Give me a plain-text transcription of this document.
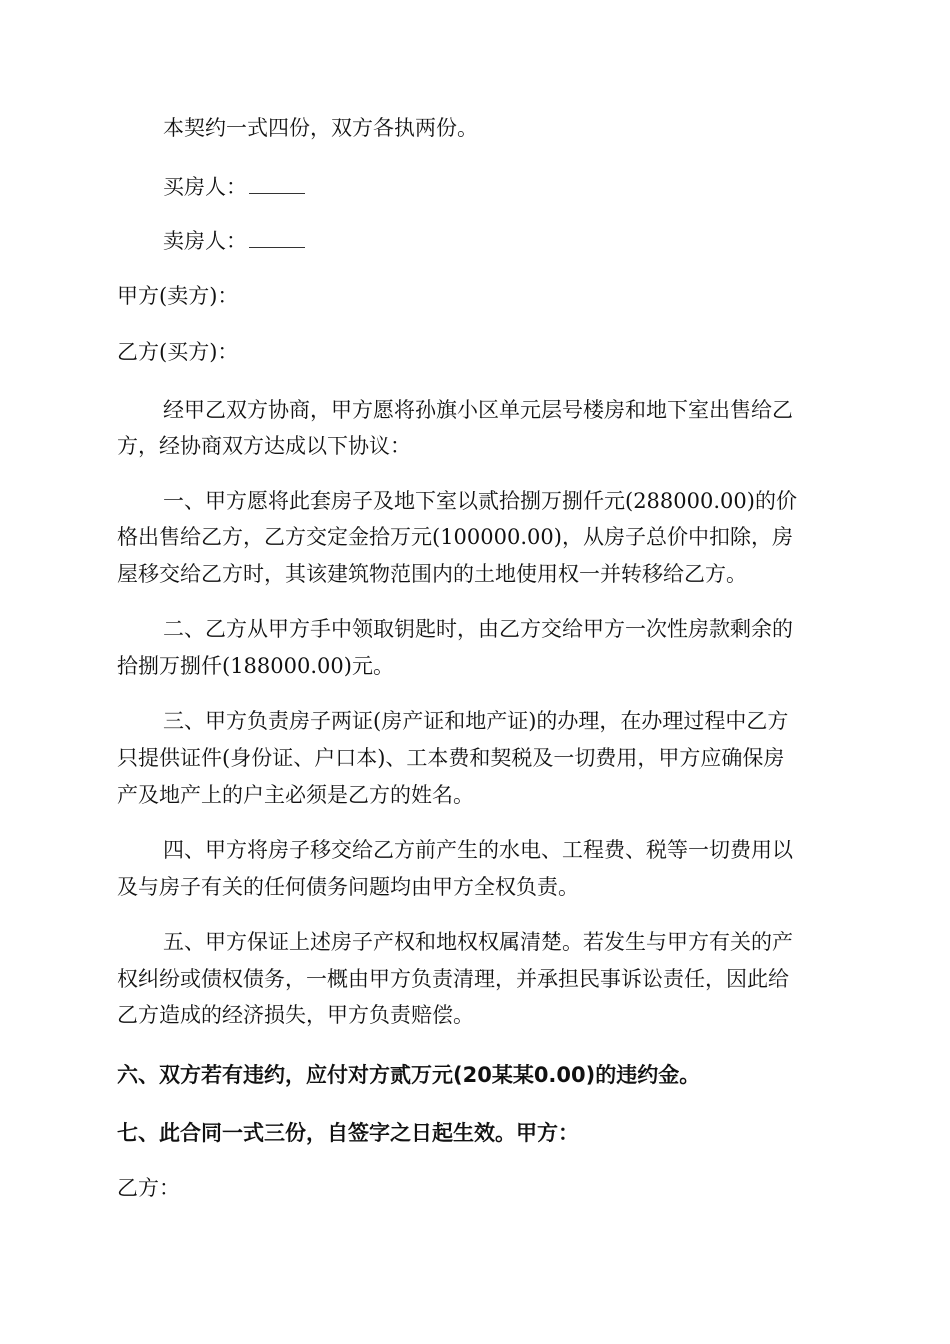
本契约一式四份，双方各执两份。
买房人：
卖房人：
甲方(卖方)：
乙方(买方)：
经甲乙双方协商，甲方愿将孙旗小区单元层号楼房和地下室出售给乙
方，经协商双方达成以下协议：
一、甲方愿将此套房子及地下室以贰拾捌万捌仟元(288000.00)的价
格出售给乙方，乙方交定金拾万元(100000.00)，从房子总价中扣除，房
屋移交给乙方时，其该建筑物范围内的土地使用权一并转移给乙方。
二、乙方从甲方手中领取钥匙时，由乙方交给甲方一次性房款剩余的
拾捌万捌仟(188000.00)元。
三、甲方负责房子两证(房产证和地产证)的办理，在办理过程中乙方
只提供证件(身份证、户口本)、工本费和契税及一切费用，甲方应确保房
产及地产上的户主必须是乙方的姓名。
四、甲方将房子移交给乙方前产生的水电、工程费、税等一切费用以
及与房子有关的任何债务问题均由甲方全权负责。
五、甲方保证上述房子产权和地权权属清楚。若发生与甲方有关的产
权纠纷或债权债务，一概由甲方负责清理，并承担民事诉讼责任，因此给
乙方造成的经济损失，甲方负责赔偿。
六、双方若有违约，应付对方贰万元(20某某0.00)的违约金。
七、此合同一式三份，自签字之日起生效。甲方：
乙方：
